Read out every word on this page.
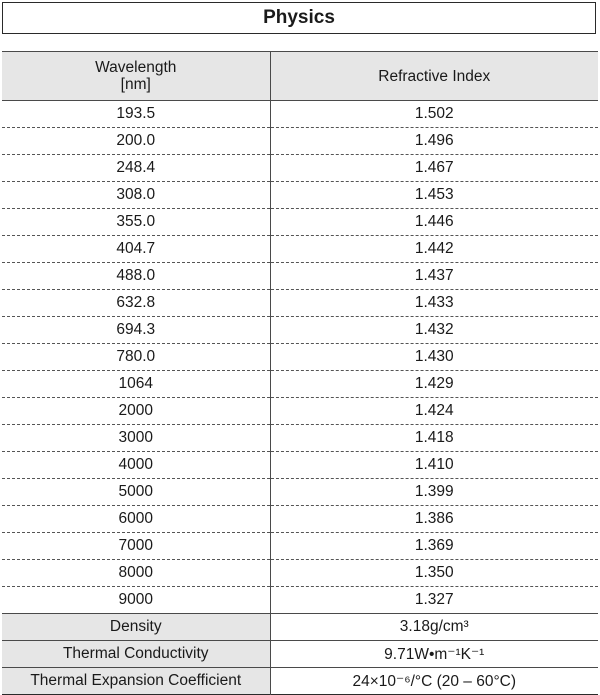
Physics
Wavelength
[nm]	Refractive Index
193.5	1.502
200.0	1.496
248.4	1.467
308.0	1.453
355.0	1.446
404.7	1.442
488.0	1.437
632.8	1.433
694.3	1.432
780.0	1.430
1064	1.429
2000	1.424
3000	1.418
4000	1.410
5000	1.399
6000	1.386
7000	1.369
8000	1.350
9000	1.327
Density	3.18g/cm³
Thermal Conductivity	9.71W•m⁻¹K⁻¹
Thermal Expansion Coefficient	24×10⁻⁶/°C (20 – 60°C)
